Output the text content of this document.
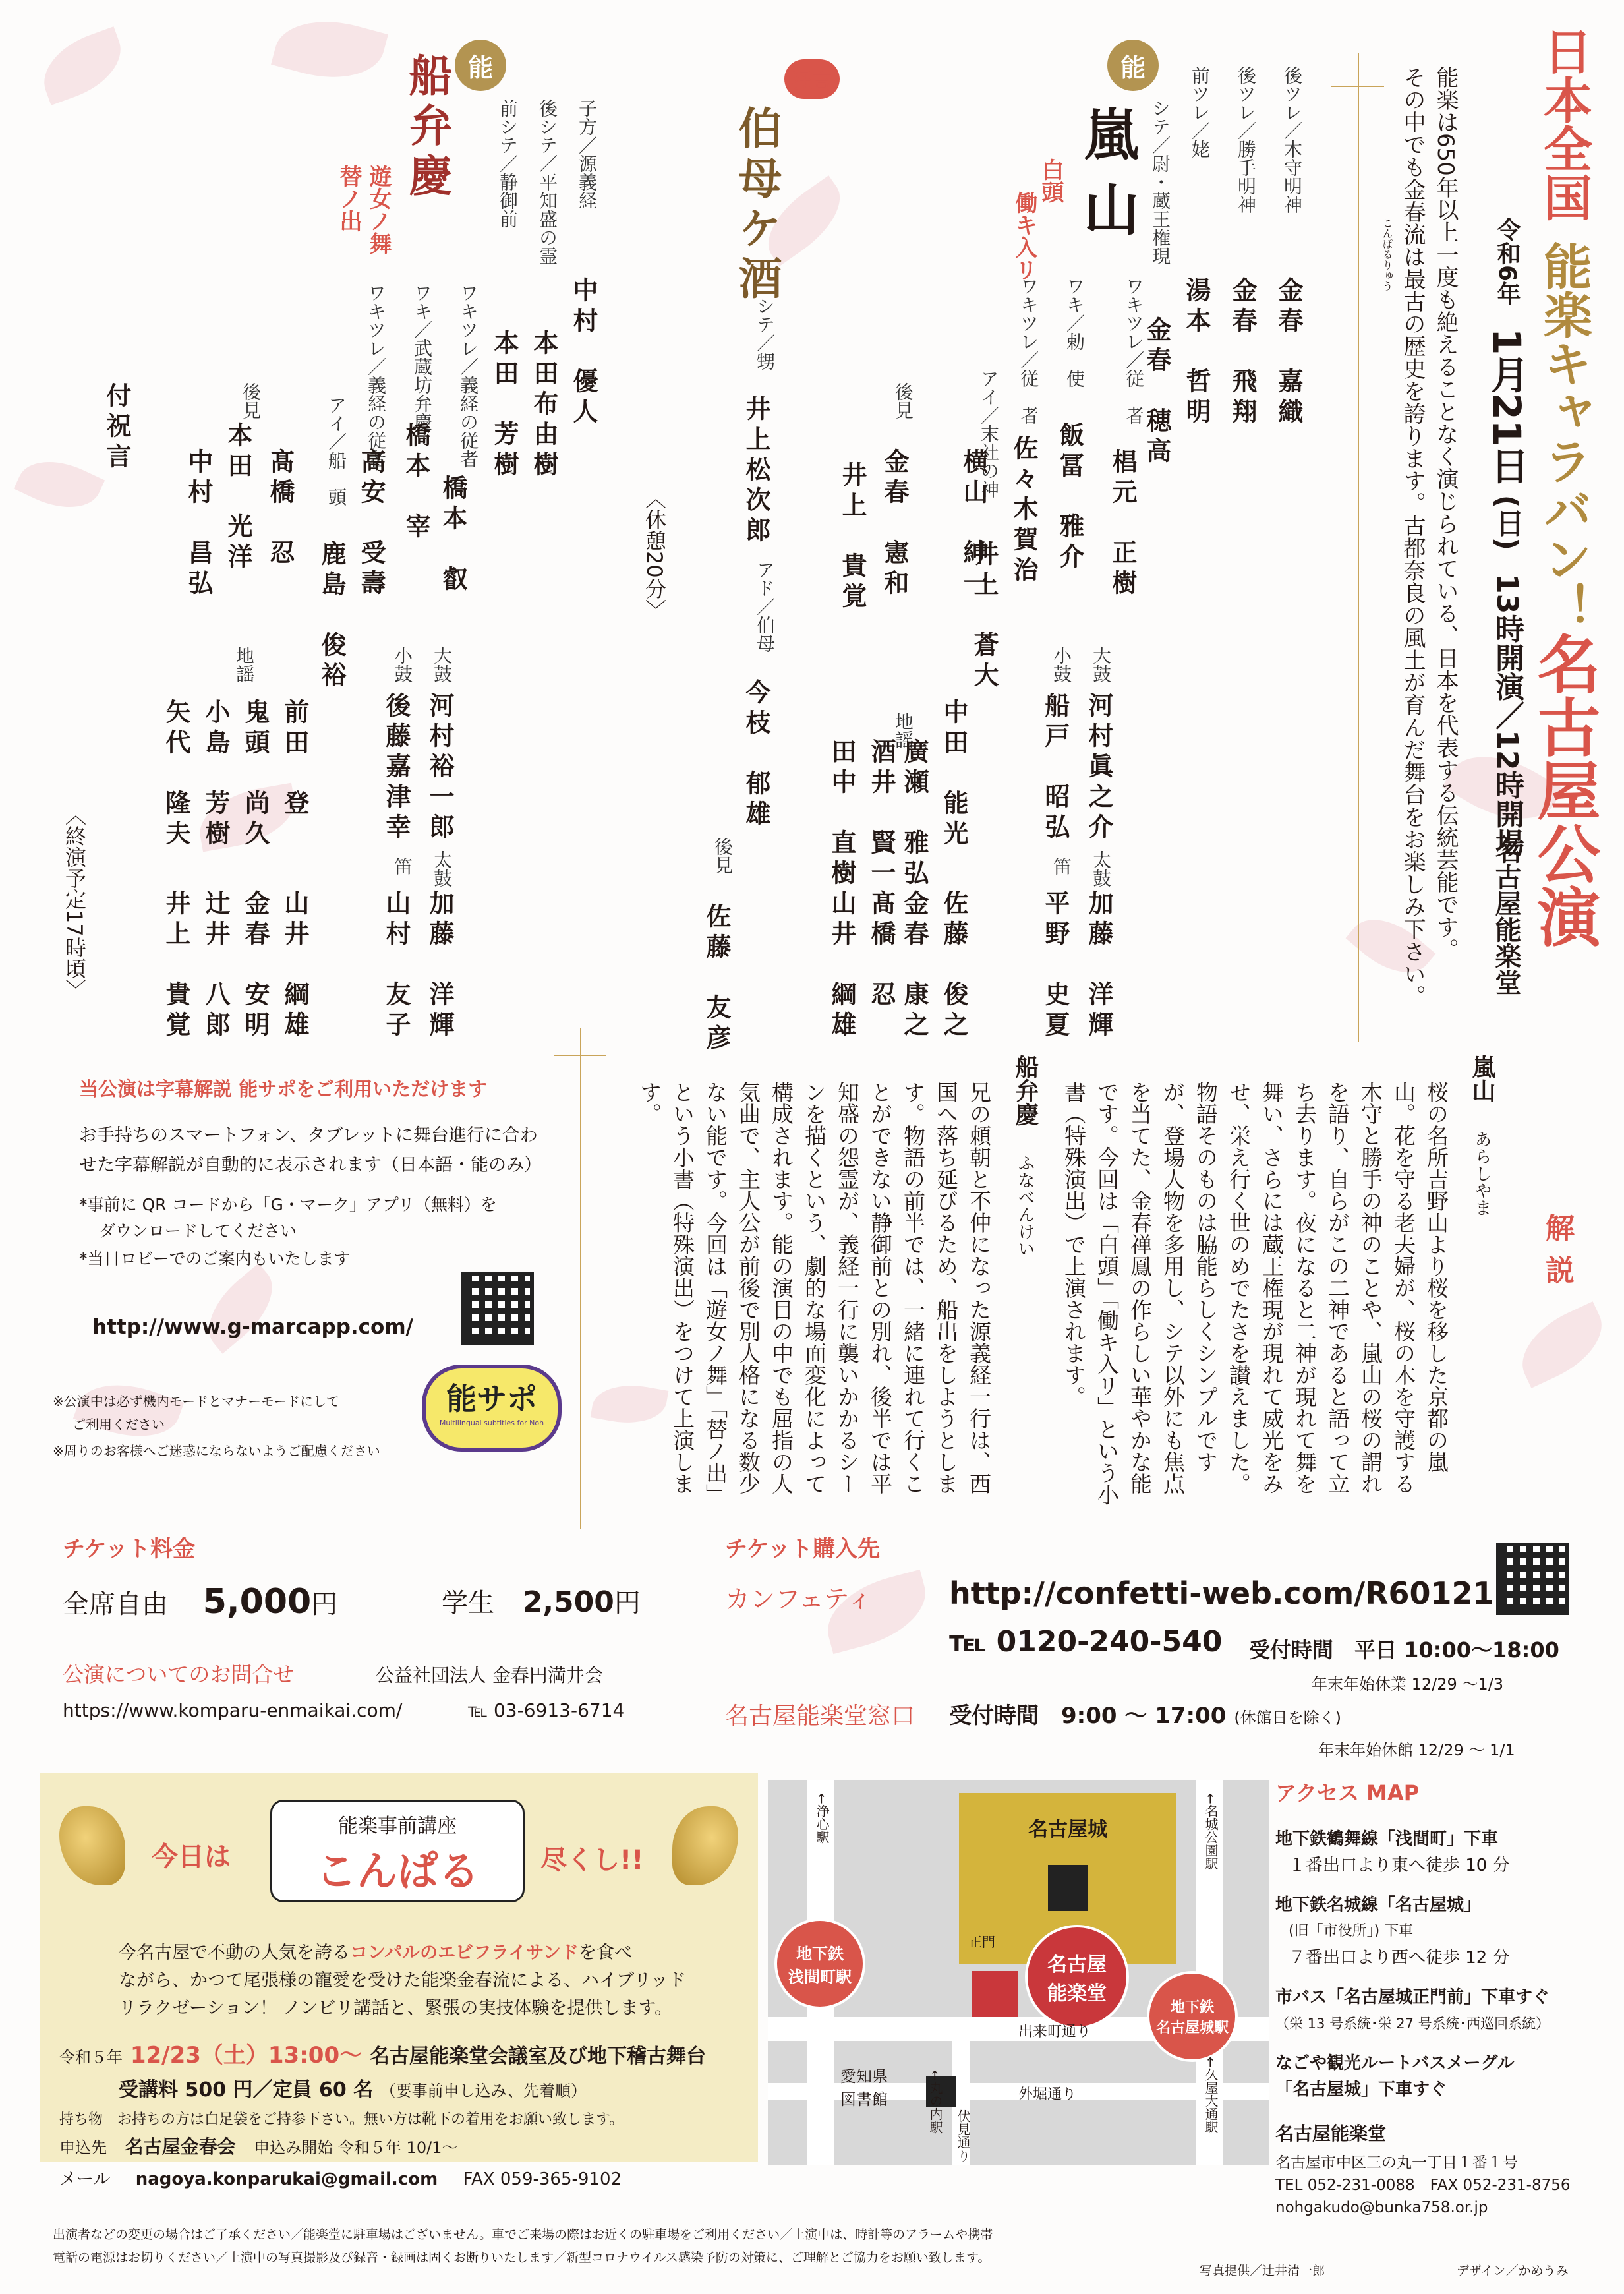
日本全国能楽キャラバン！名古屋公演
令和6年 1月21日 (日) 13時開演／12時開場
名古屋能楽堂
能楽は650年以上一度も絶えることなく演じられている、日本を代表する伝統芸能です。
その中でも金春流は最古の歴史を誇ります。古都奈良の風土が育んだ舞台をお楽しみ下さい。
こんぱるりゅう
能
嵐山
白頭
働キ入リ
後ツレ／木守明神
金春　嘉織
後ツレ／勝手明神
金春　飛翔
前ツレ／姥
湯本　哲明
シテ／尉・蔵王権現
金春　穂高
ワキツレ／従　者
椙元　正樹
ワキ／勅　使
飯冨　雅介
ワキツレ／従　者
佐々木賀治
アイ／末社の神
井上　蒼大	大鼓
河村眞之介
小鼓
船戸　昭弘
太鼓
加藤　洋輝
笛
平野　史夏
後見
横山　紳一
金春　憲和
井上　貴覚
地謡 中田　能光
廣瀬　雅弘
酒井　賢一
田中　直樹
佐藤　俊之
金春　康之
髙橋　忍
山井　綱雄
狂言
伯母ケ酒
シテ／甥
井上松次郎
アド／伯母
今枝　郁雄
後見
佐藤　友彦
〈休憩20分〉
能
船弁慶
遊女ノ舞
替ノ出	子方／源義経
中村　優人
後シテ／平知盛の霊
本田布由樹
前シテ／静御前
本田　芳樹
ワキツレ／義経の従者
橋本　叡
ワキ／武蔵坊弁慶
橋本　宰
ワキツレ／義経の従者
高安　受壽
アイ／船　頭
鹿島　俊裕	大鼓
河村裕一郎
小鼓
後藤嘉津幸
太鼓
加藤　洋輝
笛
山村　友子
後見
髙橋　忍
本田　光洋
中村　昌弘
地謡
前田　登
鬼頭　尚久
小島　芳樹
矢代　隆夫
山井　綱雄
金春　安明
辻井　八郎
井上　貴覚
付祝言
〈終演予定17時頃〉
解説
嵐山 あらしやま
桜の名所吉野山より桜を移した京都の嵐山。花を守る老夫婦が、桜の木を守護する木守と勝手の神のことや、嵐山の桜の謂れを語り、自らがこの二神であると語って立ち去ります。夜になると二神が現れて舞を舞い、さらには蔵王権現が現れて威光をみせ、栄え行く世のめでたさを讃えました。物語そのものは脇能らしくシンプルですが、登場人物を多用し、シテ以外にも焦点を当てた、金春禅鳳の作らしい華やかな能です。今回は「白頭」「働キ入リ」という小書（特殊演出）で上演されます。
船弁慶 ふなべんけい
兄の頼朝と不仲になった源義経一行は、西国へ落ち延びるため、船出をしようとします。物語の前半では、一緒に連れて行くことができない静御前との別れ、後半では平知盛の怨霊が、義経一行に襲いかかるシーンを描くという、劇的な場面変化によって構成されます。能の演目の中でも屈指の人気曲で、主人公が前後で別人格になる数少ない能です。今回は「遊女ノ舞」「替ノ出」という小書（特殊演出）をつけて上演します。
当公演は字幕解説 能サポをご利用いただけます
お手持ちのスマートフォン、タブレットに舞台進行に合わ
せた字幕解説が自動的に表示されます（日本語・能のみ）
*事前に QR コードから「G・マーク」アプリ（無料）を
ダウンロードしてください
*当日ロビーでのご案内もいたします
http://www.g-marcapp.com/
能サポ
Multilingual subtitles for Noh
※公演中は必ず機内モードとマナーモードにして
ご利用ください
※周りのお客様へご迷惑にならないようご配慮ください
チケット料金
全席自由 5,000円	学生 2,500円
公演についてのお問合せ	公益社団法人 金春円満井会
https://www.komparu-enmaikai.com/	℡ 03-6913-6714
チケット購入先
カンフェティ	http://confetti-web.com/R60121
℡ 0120-240-540 受付時間　平日 10:00～18:00
年末年始休業 12/29 ～1/3
名古屋能楽堂窓口 受付時間　9:00 ～ 17:00 (休館日を除く)
年末年始休館 12/29 ～ 1/1
今日は
能楽事前講座
こんぱる	尽くし!!
今名古屋で不動の人気を誇るコンパルのエビフライサンドを食べ
ながら、かつて尾張様の寵愛を受けた能楽金春流による、ハイブリッド
リラクゼーション！ ノンビリ講話と、緊張の実技体験を提供します。
令和５年 12/23（土）13:00～ 名古屋能楽堂会議室及び地下稽古舞台
受講料 500 円／定員 60 名 （要事前申し込み、先着順）
持ち物　お持ちの方は白足袋をご持参下さい。無い方は靴下の着用をお願い致します。
申込先 名古屋金春会 申込み開始 令和５年 10/1～
メール nagoya.konparukai@gmail.com FAX 059-365-9102
名古屋城
正門
名古屋
能楽堂
地下鉄
浅間町駅
地下鉄
名古屋城駅
愛知県
図書館
出来町通り
外堀通り
伏見通り
←浄心駅	←名城公園駅
←丸の内駅	←久屋大通駅
アクセス MAP
地下鉄鶴舞線「浅間町」下車
１番出口より東へ徒歩 10 分
地下鉄名城線「名古屋城」
(旧「市役所」) 下車
７番出口より西へ徒歩 12 分
市バス「名古屋城正門前」下車すぐ
（栄 13 号系統･栄 27 号系統･西巡回系統）
なごや観光ルートバスメーグル
「名古屋城」下車すぐ
名古屋能楽堂
名古屋市中区三の丸一丁目１番１号
TEL 052-231-0088　FAX 052-231-8756
nohgakudo@bunka758.or.jp
出演者などの変更の場合はご了承ください／能楽堂に駐車場はございません。車でご来場の際はお近くの駐車場をご利用ください／上演中は、時計等のアラームや携帯
電話の電源はお切りください／上演中の写真撮影及び録音・録画は固くお断りいたします／新型コロナウイルス感染予防の対策に、ご理解とご協力をお願い致します。
写真提供／辻井清一郎	デザイン／かめうみ
